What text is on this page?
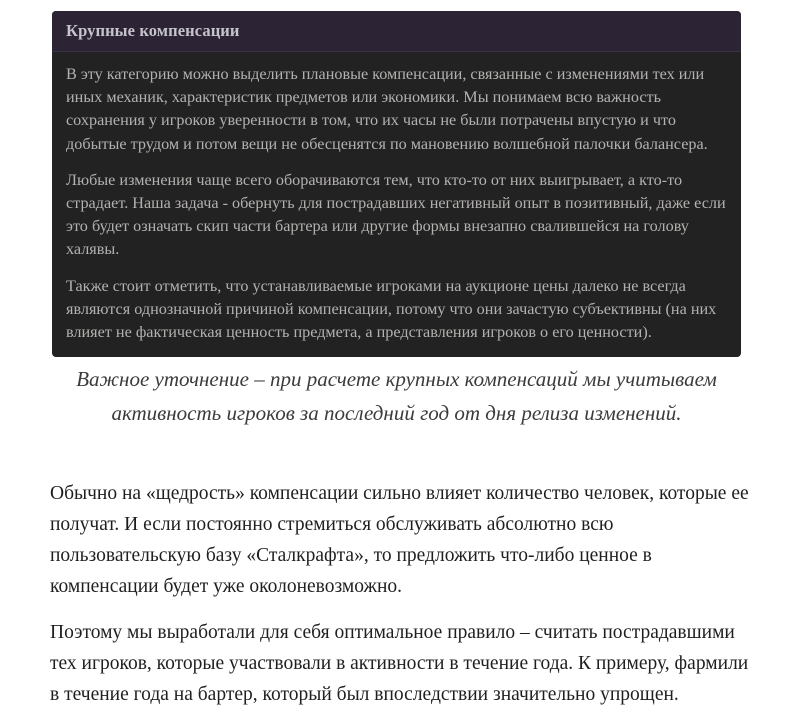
Крупные компенсации

В эту категорию можно выделить плановые компенсации, связанные с изменениями тех или иных механик, характеристик предметов или экономики. Мы понимаем всю важность сохранения у игроков уверенности в том, что их часы не были потрачены впустую и что добытые трудом и потом вещи не обесценятся по мановению волшебной палочки балансера.

Любые изменения чаще всего оборачиваются тем, что кто-то от них выигрывает, а кто-то страдает. Наша задача - обернуть для пострадавших негативный опыт в позитивный, даже если это будет означать скип части бартера или другие формы внезапно свалившейся на голову халявы.

Также стоит отметить, что устанавливаемые игроками на аукционе цены далеко не всегда являются однозначной причиной компенсации, потому что они зачастую субъективны (на них влияет не фактическая ценность предмета, а представления игроков о его ценности).

Важное уточнение – при расчете крупных компенсаций мы учитываем активность игроков за последний год от дня релиза изменений.

Обычно на «щедрость» компенсации сильно влияет количество человек, которые ее получат. И если постоянно стремиться обслуживать абсолютно всю пользовательскую базу «Сталкрафта», то предложить что-либо ценное в компенсации будет уже околоневозможно.

Поэтому мы выработали для себя оптимальное правило – считать пострадавшими тех игроков, которые участвовали в активности в течение года. К примеру, фармили в течение года на бартер, который был впоследствии значительно упрощен.
